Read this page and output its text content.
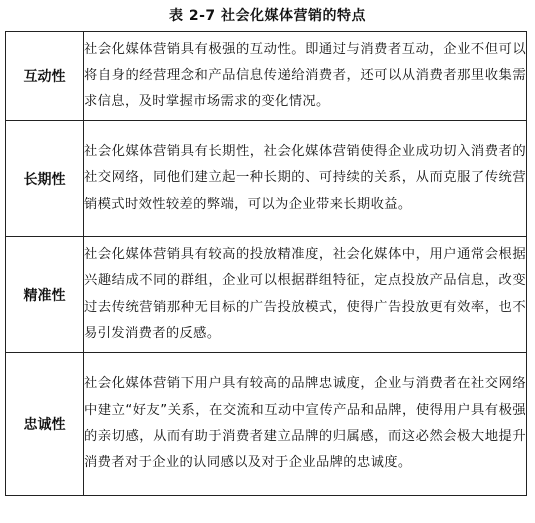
表 2-7 社会化媒体营销的特点
互动性	社会化媒体营销具有极强的互动性。即通过与消费者互动，企业不但可以将自身的经营理念和产品信息传递给消费者，还可以从消费者那里收集需求信息，及时掌握市场需求的变化情况。
长期性	社会化媒体营销具有长期性，社会化媒体营销使得企业成功切入消费者的社交网络，同他们建立起一种长期的、可持续的关系，从而克服了传统营销模式时效性较差的弊端，可以为企业带来长期收益。
精准性	社会化媒体营销具有较高的投放精准度，社会化媒体中，用户通常会根据兴趣结成不同的群组，企业可以根据群组特征，定点投放产品信息，改变过去传统营销那种无目标的广告投放模式，使得广告投放更有效率，也不易引发消费者的反感。
忠诚性	社会化媒体营销下用户具有较高的品牌忠诚度，企业与消费者在社交网络中建立“好友”关系，在交流和互动中宣传产品和品牌，使得用户具有极强的亲切感，从而有助于消费者建立品牌的归属感，而这必然会极大地提升消费者对于企业的认同感以及对于企业品牌的忠诚度。
